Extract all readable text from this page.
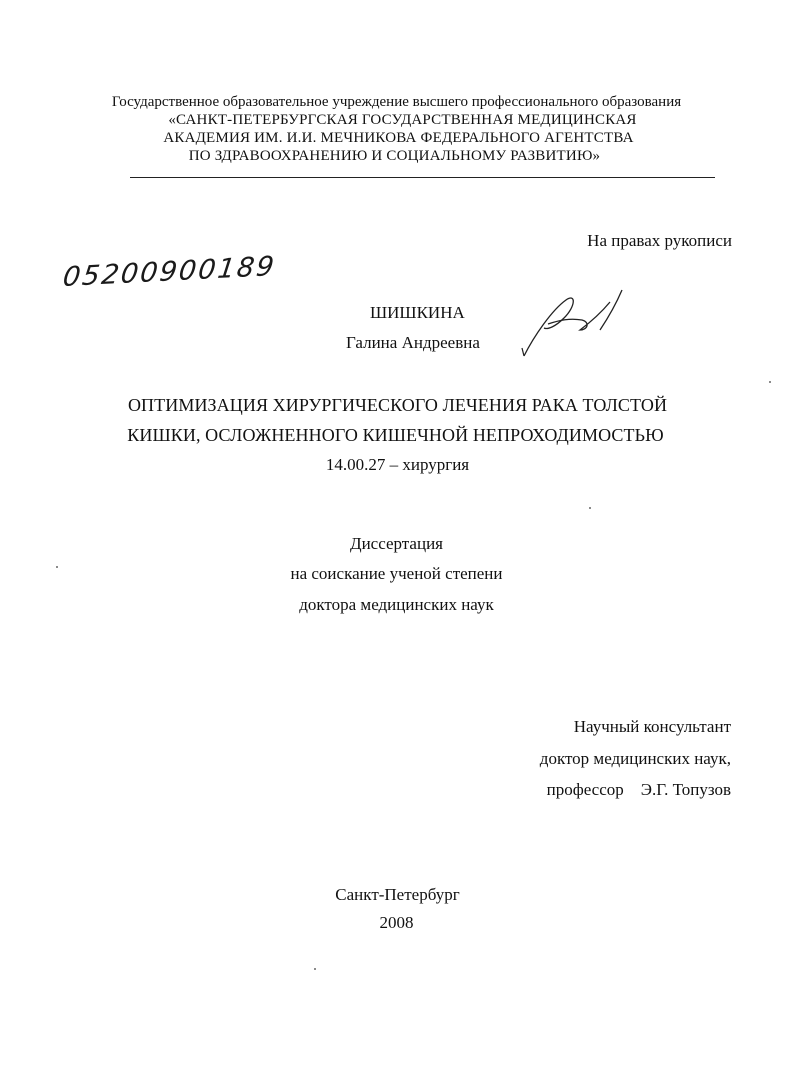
Государственное образовательное учреждение высшего профессионального образования
«САНКТ-ПЕТЕРБУРГСКАЯ ГОСУДАРСТВЕННАЯ МЕДИЦИНСКАЯ
АКАДЕМИЯ ИМ. И.И. МЕЧНИКОВА ФЕДЕРАЛЬНОГО АГЕНТСТВА
ПО ЗДРАВООХРАНЕНИЮ И СОЦИАЛЬНОМУ РАЗВИТИЮ»
На правах рукописи
05200900189
ШИШКИНА
Галина Андреевна
ОПТИМИЗАЦИЯ ХИРУРГИЧЕСКОГО ЛЕЧЕНИЯ РАКА ТОЛСТОЙ
КИШКИ, ОСЛОЖНЕННОГО КИШЕЧНОЙ НЕПРОХОДИМОСТЬЮ
14.00.27 – хирургия
Диссертация
на соискание ученой степени
доктора медицинских наук
Научный консультант
доктор медицинских наук,
профессор    Э.Г. Топузов
Санкт-Петербург
2008
